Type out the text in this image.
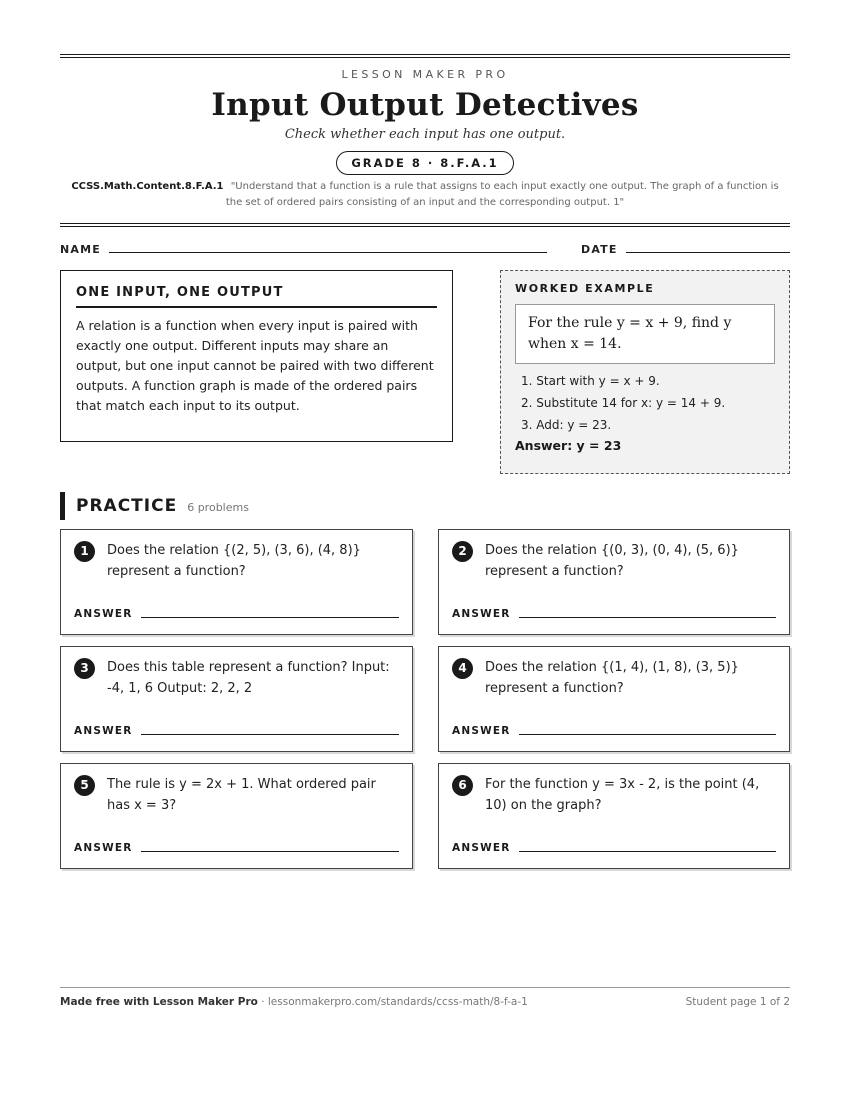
LESSON MAKER PRO
Input Output Detectives
Check whether each input has one output.
GRADE 8 · 8.F.A.1
CCSS.Math.Content.8.F.A.1 "Understand that a function is a rule that assigns to each input exactly one output. The graph of a function is the set of ordered pairs consisting of an input and the corresponding output. 1"
NAME	DATE
ONE INPUT, ONE OUTPUT
A relation is a function when every input is paired with exactly one output. Different inputs may share an output, but one input cannot be paired with two different outputs. A function graph is made of the ordered pairs that match each input to its output.
WORKED EXAMPLE
For the rule y = x + 9, find y when x = 14.
1. Start with y = x + 9.
2. Substitute 14 for x: y = 14 + 9.
3. Add: y = 23.
Answer: y = 23
PRACTICE 6 problems
1	Does the relation {(2, 5), (3, 6), (4, 8)} represent a function?
ANSWER
2	Does the relation {(0, 3), (0, 4), (5, 6)} represent a function?
ANSWER
3	Does this table represent a function? Input: -4, 1, 6 Output: 2, 2, 2
ANSWER
4	Does the relation {(1, 4), (1, 8), (3, 5)} represent a function?
ANSWER
5	The rule is y = 2x + 1. What ordered pair has x = 3?
ANSWER
6	For the function y = 3x - 2, is the point (4, 10) on the graph?
ANSWER
Made free with Lesson Maker Pro · lessonmakerpro.com/standards/ccss-math/8-f-a-1	Student page 1 of 2
